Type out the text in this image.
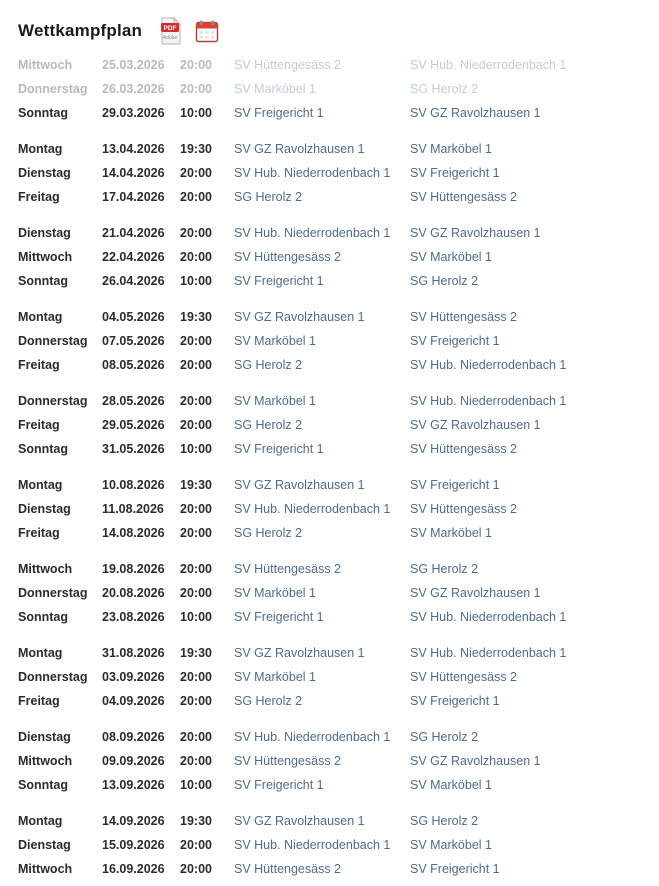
Wettkampfplan	PDF
Adobe
Mittwoch	25.03.2026	20:00	SV Hüttengesäss 2	SV Hub. Niederrodenbach 1
Donnerstag	26.03.2026	20:00	SV Marköbel 1	SG Herolz 2
Sonntag	29.03.2026	10:00	SV Freigericht 1	SV GZ Ravolzhausen 1
Montag	13.04.2026	19:30	SV GZ Ravolzhausen 1	SV Marköbel 1
Dienstag	14.04.2026	20:00	SV Hub. Niederrodenbach 1	SV Freigericht 1
Freitag	17.04.2026	20:00	SG Herolz 2	SV Hüttengesäss 2
Dienstag	21.04.2026	20:00	SV Hub. Niederrodenbach 1	SV GZ Ravolzhausen 1
Mittwoch	22.04.2026	20:00	SV Hüttengesäss 2	SV Marköbel 1
Sonntag	26.04.2026	10:00	SV Freigericht 1	SG Herolz 2
Montag	04.05.2026	19:30	SV GZ Ravolzhausen 1	SV Hüttengesäss 2
Donnerstag	07.05.2026	20:00	SV Marköbel 1	SV Freigericht 1
Freitag	08.05.2026	20:00	SG Herolz 2	SV Hub. Niederrodenbach 1
Donnerstag	28.05.2026	20:00	SV Marköbel 1	SV Hub. Niederrodenbach 1
Freitag	29.05.2026	20:00	SG Herolz 2	SV GZ Ravolzhausen 1
Sonntag	31.05.2026	10:00	SV Freigericht 1	SV Hüttengesäss 2
Montag	10.08.2026	19:30	SV GZ Ravolzhausen 1	SV Freigericht 1
Dienstag	11.08.2026	20:00	SV Hub. Niederrodenbach 1	SV Hüttengesäss 2
Freitag	14.08.2026	20:00	SG Herolz 2	SV Marköbel 1
Mittwoch	19.08.2026	20:00	SV Hüttengesäss 2	SG Herolz 2
Donnerstag	20.08.2026	20:00	SV Marköbel 1	SV GZ Ravolzhausen 1
Sonntag	23.08.2026	10:00	SV Freigericht 1	SV Hub. Niederrodenbach 1
Montag	31.08.2026	19:30	SV GZ Ravolzhausen 1	SV Hub. Niederrodenbach 1
Donnerstag	03.09.2026	20:00	SV Marköbel 1	SV Hüttengesäss 2
Freitag	04.09.2026	20:00	SG Herolz 2	SV Freigericht 1
Dienstag	08.09.2026	20:00	SV Hub. Niederrodenbach 1	SG Herolz 2
Mittwoch	09.09.2026	20:00	SV Hüttengesäss 2	SV GZ Ravolzhausen 1
Sonntag	13.09.2026	10:00	SV Freigericht 1	SV Marköbel 1
Montag	14.09.2026	19:30	SV GZ Ravolzhausen 1	SG Herolz 2
Dienstag	15.09.2026	20:00	SV Hub. Niederrodenbach 1	SV Marköbel 1
Mittwoch	16.09.2026	20:00	SV Hüttengesäss 2	SV Freigericht 1
